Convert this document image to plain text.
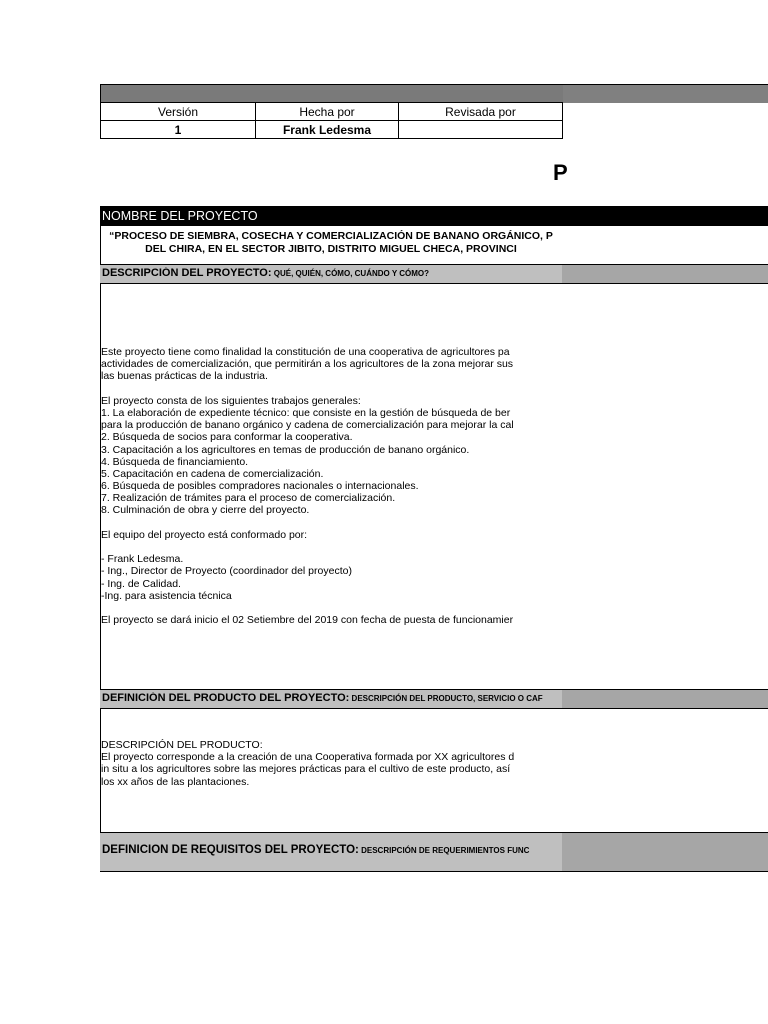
Versión	Hecha por	Revisada por
1	Frank Ledesma	
P
NOMBRE DEL PROYECTO
“PROCESO DE SIEMBRA, COSECHA Y COMERCIALIZACIÓN DE BANANO ORGÁNICO, P
DEL CHIRA, EN EL SECTOR JIBITO, DISTRITO MIGUEL CHECA, PROVINCI
DESCRIPCIÓN DEL PROYECTO: QUÉ, QUIÉN, CÓMO, CUÁNDO Y CÓMO?
Este proyecto tiene como finalidad la constitución de una cooperativa de agricultores pa
actividades de comercialización, que permitirán a los agricultores de la zona mejorar sus
las buenas prácticas de la industria.
El proyecto consta de los siguientes trabajos generales:
1. La elaboración de expediente técnico: que consiste en la gestión de búsqueda de ber
para la producción de banano orgánico y cadena de comercialización para mejorar la cal
2. Búsqueda de socios para conformar la cooperativa.
3. Capacitación a los agricultores en temas de producción de banano orgánico.
4. Búsqueda de financiamiento.
5. Capacitación en cadena de comercialización.
6. Búsqueda de posibles compradores nacionales o internacionales.
7. Realización de trámites para el proceso de comercialización.
8. Culminación de obra y cierre del proyecto.
El equipo del proyecto está conformado por:
- Frank Ledesma.
- Ing., Director de Proyecto (coordinador del proyecto)
- Ing. de Calidad.
-Ing. para asistencia técnica
El proyecto se dará inicio el 02 Setiembre del 2019 con fecha de puesta de funcionamier
DEFINICIÓN DEL PRODUCTO DEL PROYECTO: DESCRIPCIÓN DEL PRODUCTO, SERVICIO O CAF
DESCRIPCIÓN DEL PRODUCTO:
El proyecto corresponde a la creación de una Cooperativa formada por XX agricultores d
in situ a los agricultores sobre las mejores prácticas para el cultivo de este producto, así
los xx años de las plantaciones.
DEFINICIÓN DE REQUISITOS DEL PROYECTO: DESCRIPCIÓN DE REQUERIMIENTOS FUNC
